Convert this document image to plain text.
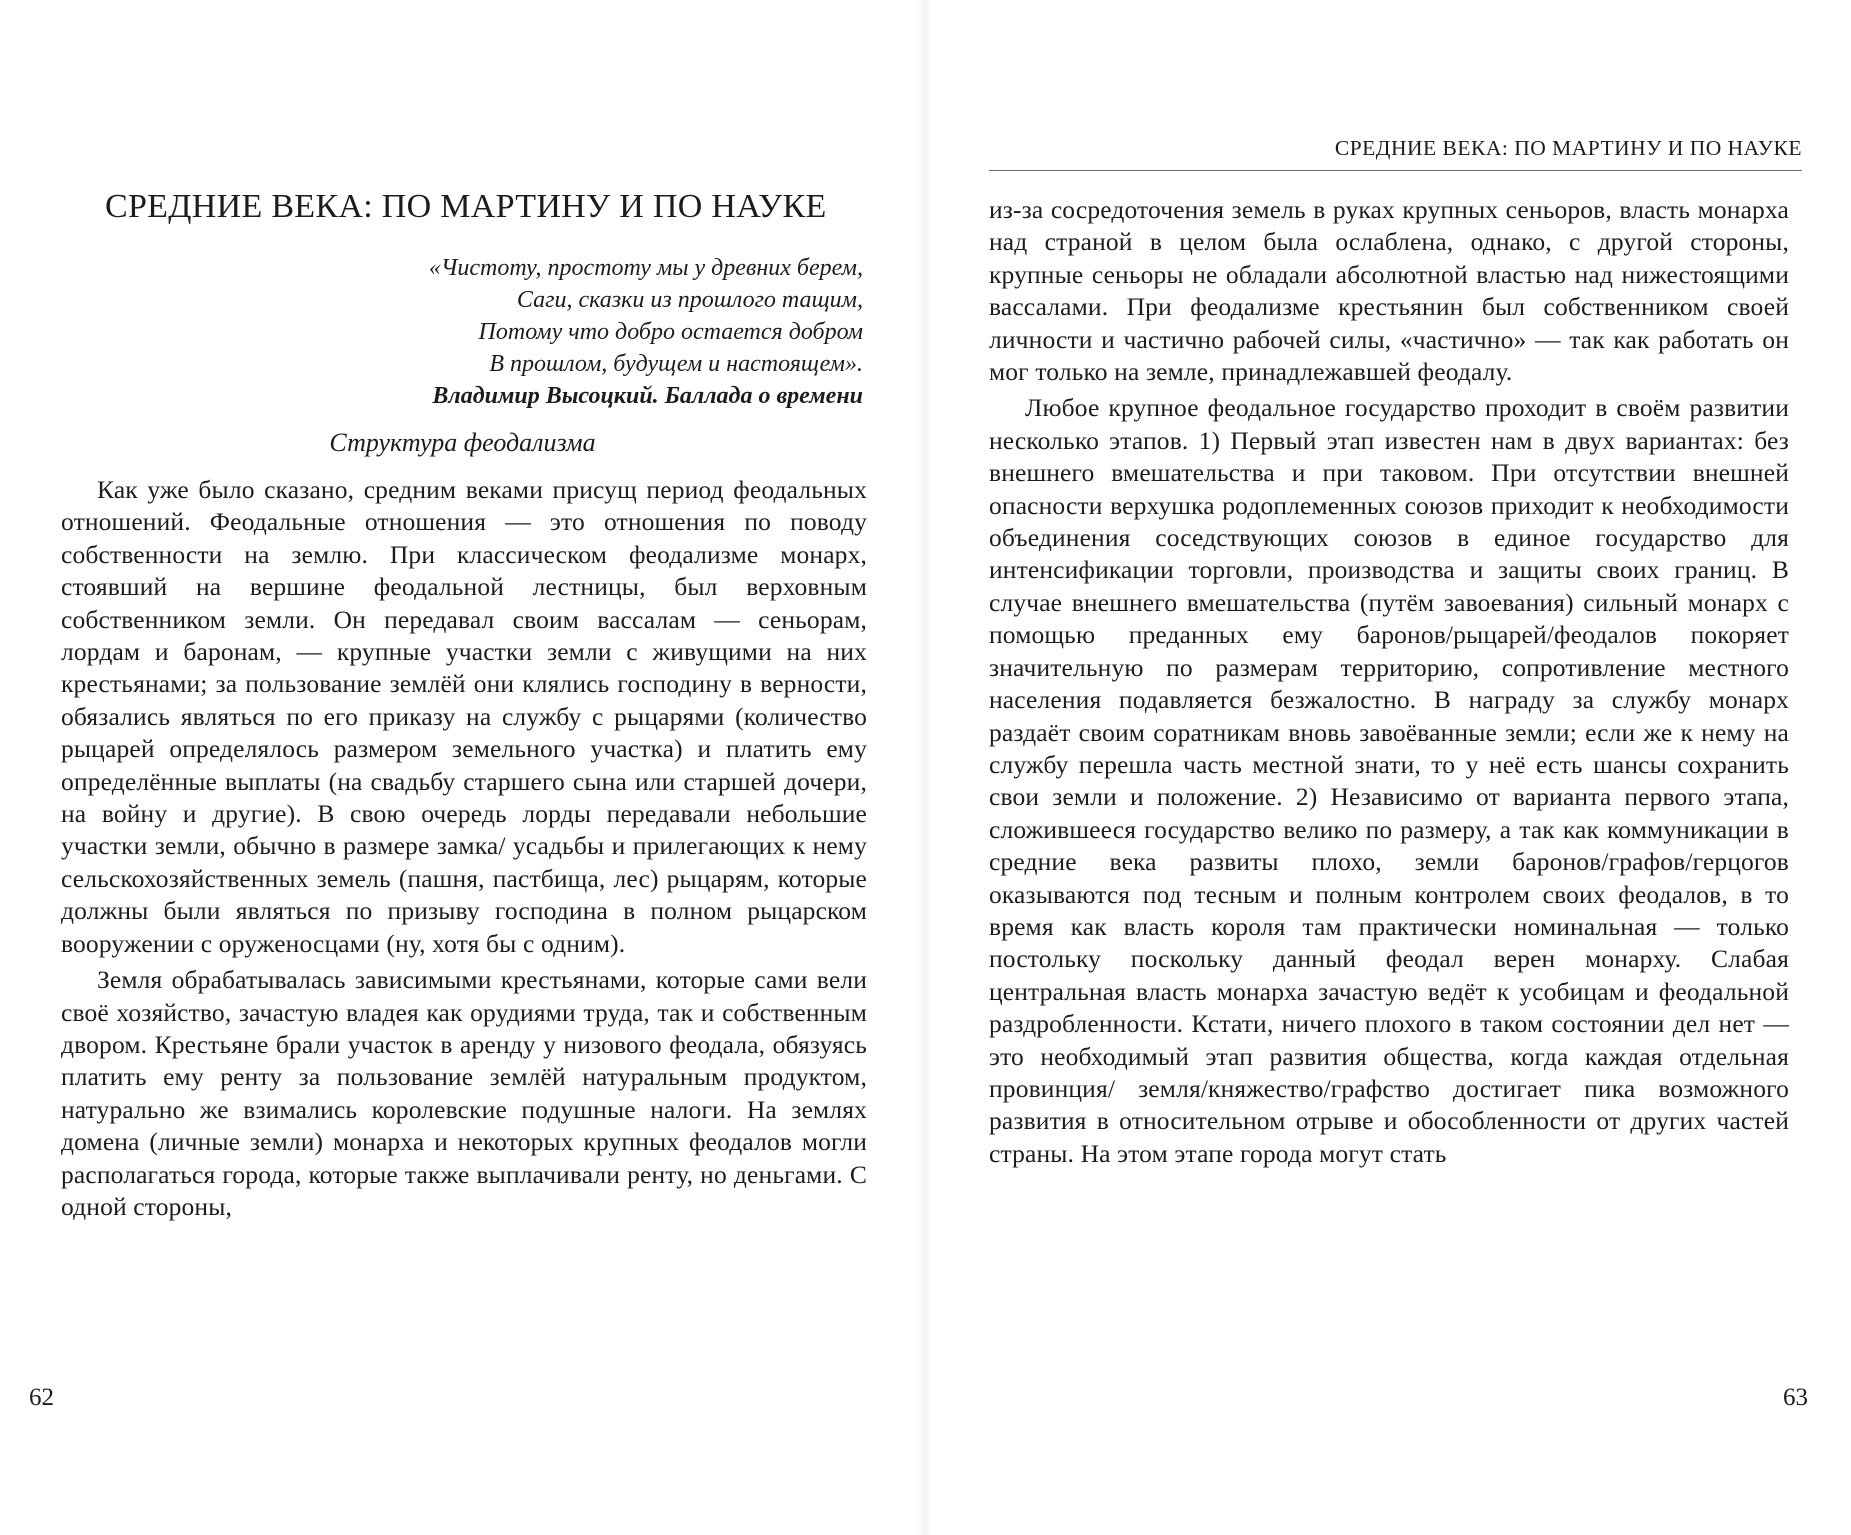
СРЕДНИЕ ВЕКА: ПО МАРТИНУ И ПО НАУКЕ
«Чистоту, простоту мы у древних берем,
Саги, сказки из прошлого тащим,
Потому что добро остается добром
В прошлом, будущем и настоящем».
Владимир Высоцкий. Баллада о времени
Структура феодализма

Как уже было сказано, средним веками присущ период феодальных отношений. Феодальные отношения — это отношения по поводу собственности на землю. При классическом феодализме монарх, стоявший на вершине феодальной лестницы, был верховным собственником земли. Он передавал своим вассалам — сеньорам, лордам и баронам, — крупные участки земли с живущими на них крестьянами; за пользование землёй они клялись господину в верности, обязались являться по его приказу на службу с рыцарями (количество рыцарей определялось размером земельного участка) и платить ему определённые выплаты (на свадьбу старшего сына или старшей дочери, на войну и другие). В свою очередь лорды передавали небольшие участки земли, обычно в размере замка/ усадьбы и прилегающих к нему сельскохозяйственных земель (пашня, пастбища, лес) рыцарям, которые должны были являться по призыву господина в полном рыцарском вооружении с оруженосцами (ну, хотя бы с одним).

Земля обрабатывалась зависимыми крестьянами, которые сами вели своё хозяйство, зачастую владея как орудиями труда, так и собственным двором. Крестьяне брали участок в аренду у низового феодала, обязуясь платить ему ренту за пользование землёй натуральным продуктом, натурально же взимались королевские подушные налоги. На землях домена (личные земли) монарха и некоторых крупных феодалов могли располагаться города, которые также выплачивали ренту, но деньгами. С одной стороны,

62
СРЕДНИЕ ВЕКА: ПО МАРТИНУ И ПО НАУКЕ

из-за сосредоточения земель в руках крупных сеньоров, власть монарха над страной в целом была ослаблена, однако, с другой стороны, крупные сеньоры не обладали абсолютной властью над нижестоящими вассалами. При феодализме крестьянин был собственником своей личности и частично рабочей силы, «частично» — так как работать он мог только на земле, принадлежавшей феодалу.

Любое крупное феодальное государство проходит в своём развитии несколько этапов. 1) Первый этап известен нам в двух вариантах: без внешнего вмешательства и при таковом. При отсутствии внешней опасности верхушка родоплеменных союзов приходит к необходимости объединения соседствующих союзов в единое государство для интенсификации торговли, производства и защиты своих границ. В случае внешнего вмешательства (путём завоевания) сильный монарх с помощью преданных ему баронов/рыцарей/феодалов покоряет значительную по размерам территорию, сопротивление местного населения подавляется безжалостно. В награду за службу монарх раздаёт своим соратникам вновь завоёванные земли; если же к нему на службу перешла часть местной знати, то у неё есть шансы сохранить свои земли и положение. 2) Независимо от варианта первого этапа, сложившееся государство велико по размеру, а так как коммуникации в средние века развиты плохо, земли баронов/графов/герцогов оказываются под тесным и полным контролем своих феодалов, в то время как власть короля там практически номинальная — только постольку поскольку данный феодал верен монарху. Слабая центральная власть монарха зачастую ведёт к усобицам и феодальной раздробленности. Кстати, ничего плохого в таком состоянии дел нет — это необходимый этап развития общества, когда каждая отдельная провинция/ земля/княжество/графство достигает пика возможного развития в относительном отрыве и обособленности от других частей страны. На этом этапе города могут стать

63
